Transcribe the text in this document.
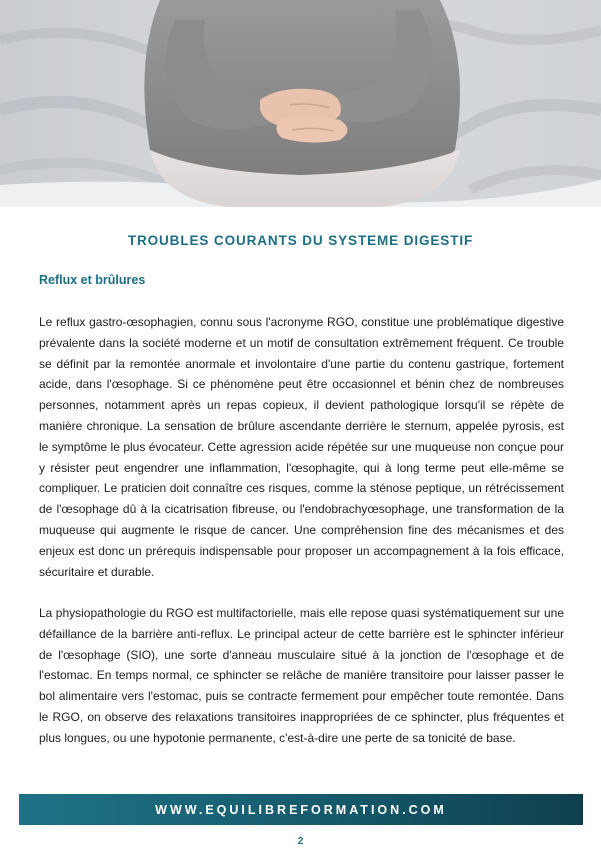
TROUBLES COURANTS DU SYSTEME DIGESTIF
Reflux et brûlures

Le reflux gastro-œsophagien, connu sous l'acronyme RGO, constitue une problématique digestive prévalente dans la société moderne et un motif de consultation extrêmement fréquent. Ce trouble se définit par la remontée anormale et involontaire d'une partie du contenu gastrique, fortement acide, dans l'œsophage. Si ce phénomène peut être occasionnel et bénin chez de nombreuses personnes, notamment après un repas copieux, il devient pathologique lorsqu'il se répète de manière chronique. La sensation de brûlure ascendante derrière le sternum, appelée pyrosis, est le symptôme le plus évocateur. Cette agression acide répétée sur une muqueuse non conçue pour y résister peut engendrer une inflammation, l'œsophagite, qui à long terme peut elle-même se compliquer. Le praticien doit connaître ces risques, comme la sténose peptique, un rétrécissement de l'œsophage dû à la cicatrisation fibreuse, ou l'endobrachyœsophage, une transformation de la muqueuse qui augmente le risque de cancer. Une compréhension fine des mécanismes et des enjeux est donc un prérequis indispensable pour proposer un accompagnement à la fois efficace, sécuritaire et durable.

La physiopathologie du RGO est multifactorielle, mais elle repose quasi systématiquement sur une défaillance de la barrière anti-reflux. Le principal acteur de cette barrière est le sphincter inférieur de l'œsophage (SIO), une sorte d'anneau musculaire situé à la jonction de l'œsophage et de l'estomac. En temps normal, ce sphincter se relâche de manière transitoire pour laisser passer le bol alimentaire vers l'estomac, puis se contracte fermement pour empêcher toute remontée. Dans le RGO, on observe des relaxations transitoires inappropriées de ce sphincter, plus fréquentes et plus longues, ou une hypotonie permanente, c'est-à-dire une perte de sa tonicité de base.

WWW.EQUILIBREFORMATION.COM
2
